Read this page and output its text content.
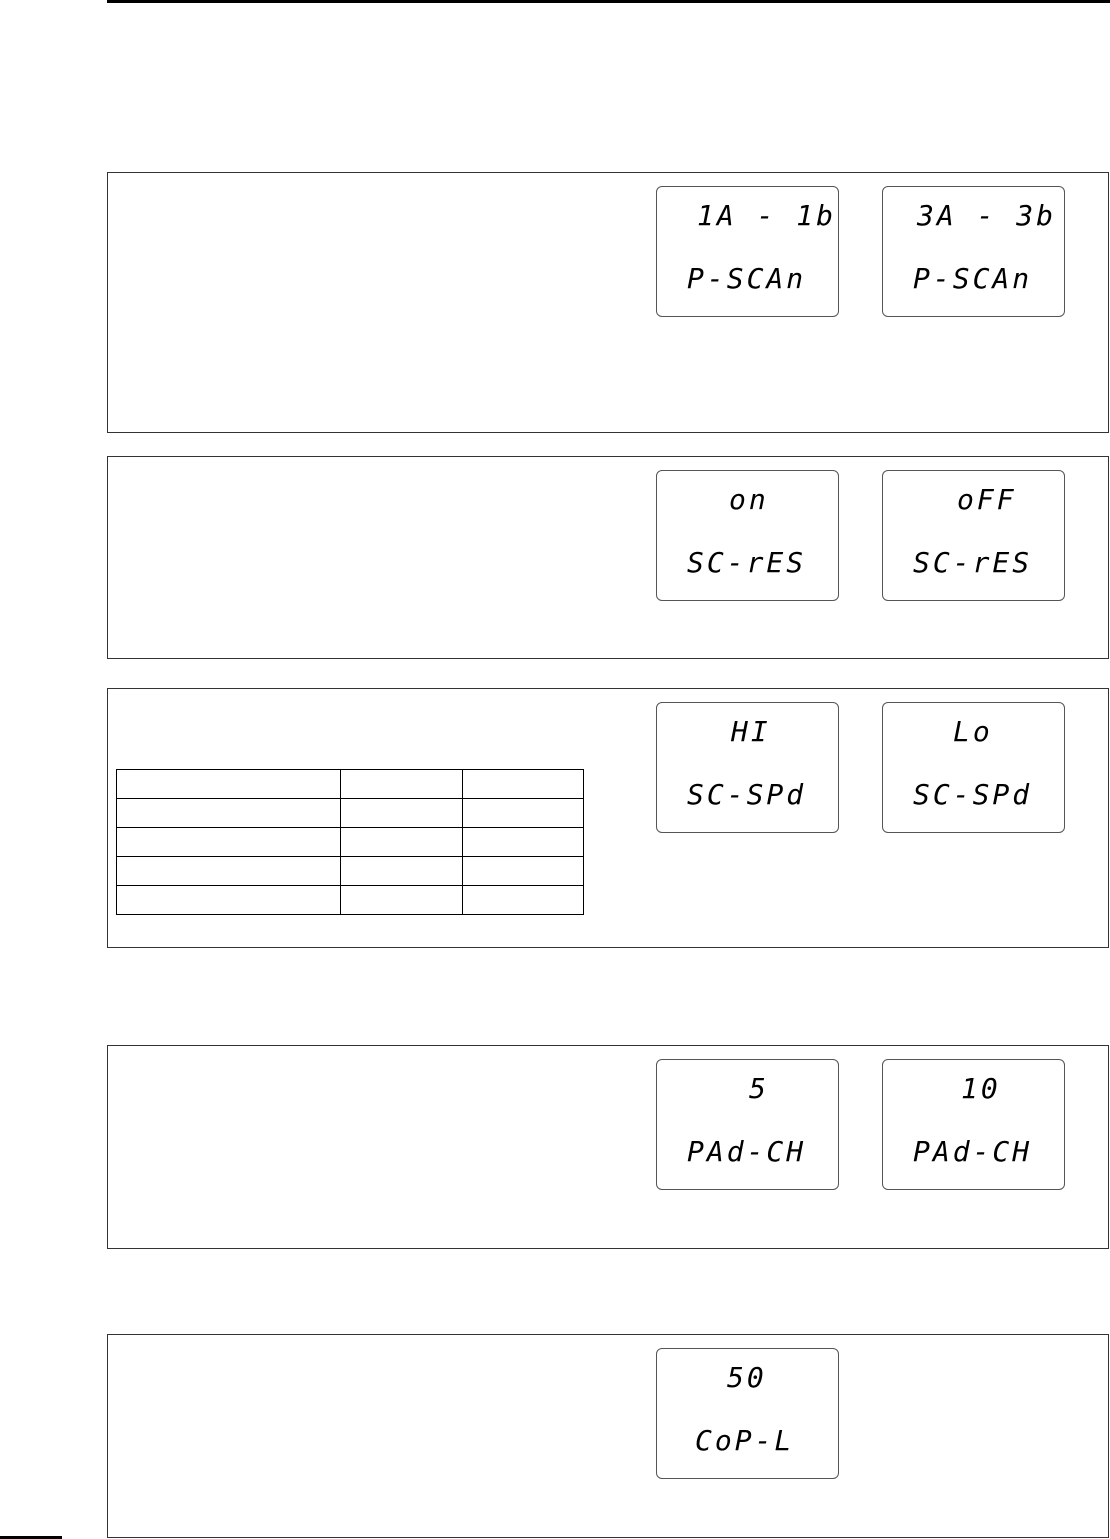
1A - 1b
P-SCAn
3A - 3b
P-SCAn
on
SC-rES
oFF
SC-rES

HI
SC-SPd
Lo
SC-SPd
5
PAd-CH
10
PAd-CH
50
CoP-L
